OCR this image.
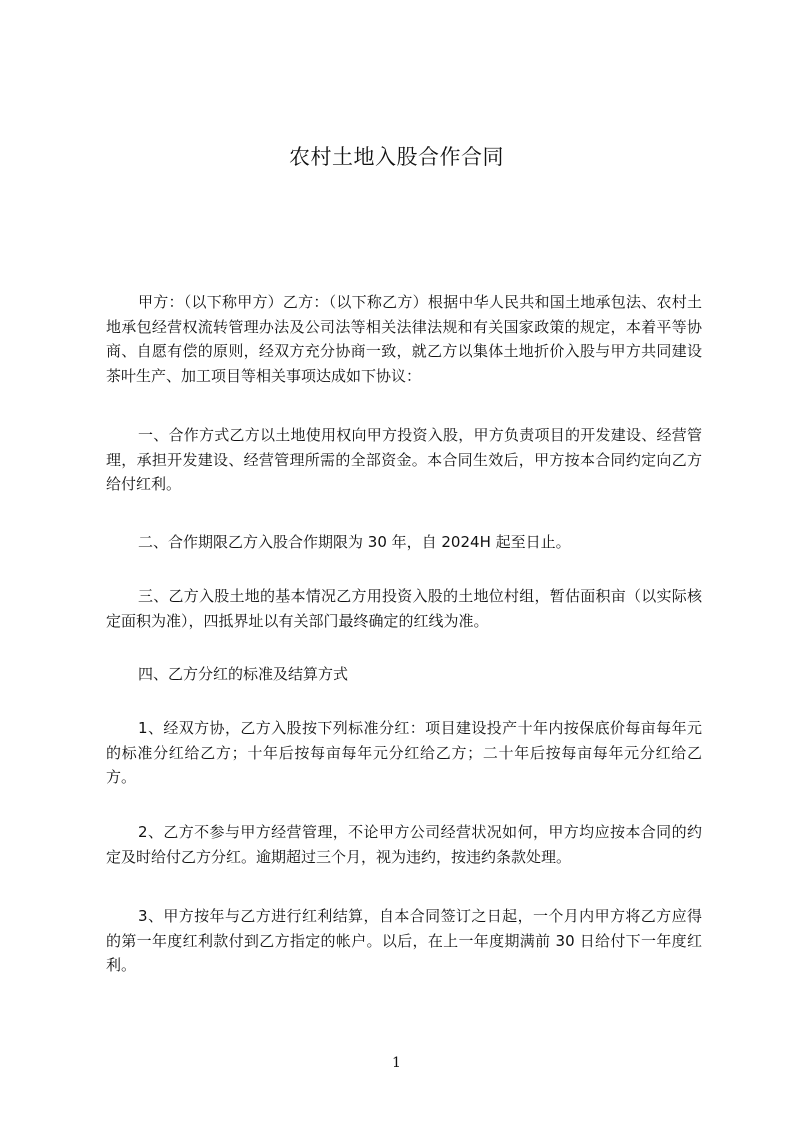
农村土地入股合作合同

甲方：（以下称甲方）乙方：（以下称乙方）根据中华人民共和国土地承包法、农村土地承包经营权流转管理办法及公司法等相关法律法规和有关国家政策的规定，本着平等协商、自愿有偿的原则，经双方充分协商一致，就乙方以集体土地折价入股与甲方共同建设茶叶生产、加工项目等相关事项达成如下协议：

一、合作方式乙方以土地使用权向甲方投资入股，甲方负责项目的开发建设、经营管理，承担开发建设、经营管理所需的全部资金。本合同生效后，甲方按本合同约定向乙方给付红利。

二、合作期限乙方入股合作期限为 30 年，自 2024H 起至日止。

三、乙方入股土地的基本情况乙方用投资入股的土地位村组，暂估面积亩（以实际核定面积为准），四抵界址以有关部门最终确定的红线为准。

四、乙方分红的标准及结算方式

1、经双方协，乙方入股按下列标准分红：项目建设投产十年内按保底价每亩每年元的标准分红给乙方；十年后按每亩每年元分红给乙方；二十年后按每亩每年元分红给乙方。

2、乙方不参与甲方经营管理，不论甲方公司经营状况如何，甲方均应按本合同的约定及时给付乙方分红。逾期超过三个月，视为违约，按违约条款处理。

3、甲方按年与乙方进行红利结算，自本合同签订之日起，一个月内甲方将乙方应得的第一年度红利款付到乙方指定的帐户。以后，在上一年度期满前 30 日给付下一年度红利。

1
